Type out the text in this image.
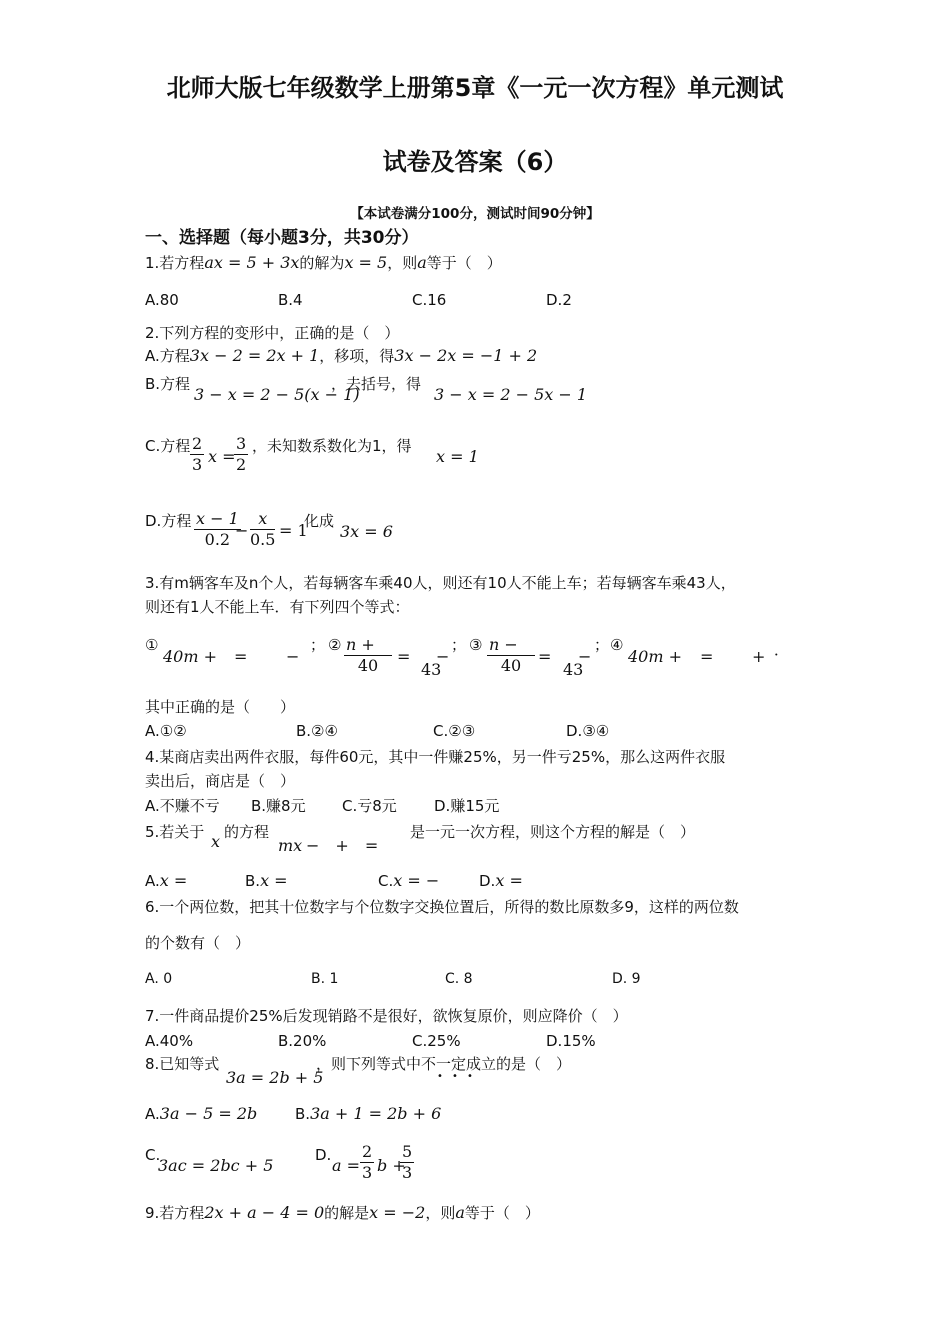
北师大版七年级数学上册第5章《一元一次方程》单元测试
试卷及答案（6）
【本试卷满分100分，测试时间90分钟】
一、选择题（每小题3分，共30分）
1.若方程ax = 5 + 3x的解为x = 5，则a等于（　）
A.80	B.4	C.16	D.2
2.下列方程的变形中，正确的是（　）
A.方程3x − 2 = 2x + 1，移项，得3x − 2x = −1 + 2
B.方程
3 − x = 2 − 5(x − 1)
，去括号，得
3 − x = 2 − 5x − 1
C.方程 $\frac{2}{3}$ x =
$\frac{3}{2}$ ，未知数系数化为1，得
x = 1
D.方程 $\frac{x - 1}{0.2}$
− $\frac{x}{0.5} = 1$
化成
3x = 6
3.有m辆客车及n个人，若每辆客车乘40人，则还有10人不能上车；若每辆客车乘43人，
则还有1人不能上车．有下列四个等式：
①
40m + = −
； ② $\frac{n +}{40}$ =
43
−
； ③ $\frac{n -}{40}$ =
43
−
； ④
40m + = + ．
其中正确的是（　　）
A.①②	B.②④	C.②③	D.③④
4.某商店卖出两件衣服，每件60元，其中一件赚25%，另一件亏25%，那么这两件衣服
卖出后，商店是（　）
A.不赚不亏 B.赚8元 C.亏8元 D.赚15元
5.若关于 x 的方程
mx −　+　=
是一元一次方程，则这个方程的解是（　）
A.x =	B.x =	C.x = −	D.x =
6.一个两位数，把其十位数字与个位数字交换位置后，所得的数比原数多9，这样的两位数
的个数有（　）
A. 0	B. 1	C. 8	D. 9
7.一件商品提价25%后发现销路不是很好，欲恢复原价，则应降价（　）
A.40%	B.20%	C.25%	D.15%
8.已知等式
3a = 2b + 5
，则下列等式中不一定成立的是（　）
• • •
A.3a − 5 = 2b	B.3a + 1 = 2b + 6
C.
3ac = 2bc + 5
D.
$a = \frac{2}{3}$ b +
$\frac{5}{3}$
9.若方程2x + a − 4 = 0的解是x = −2，则a等于（　）
